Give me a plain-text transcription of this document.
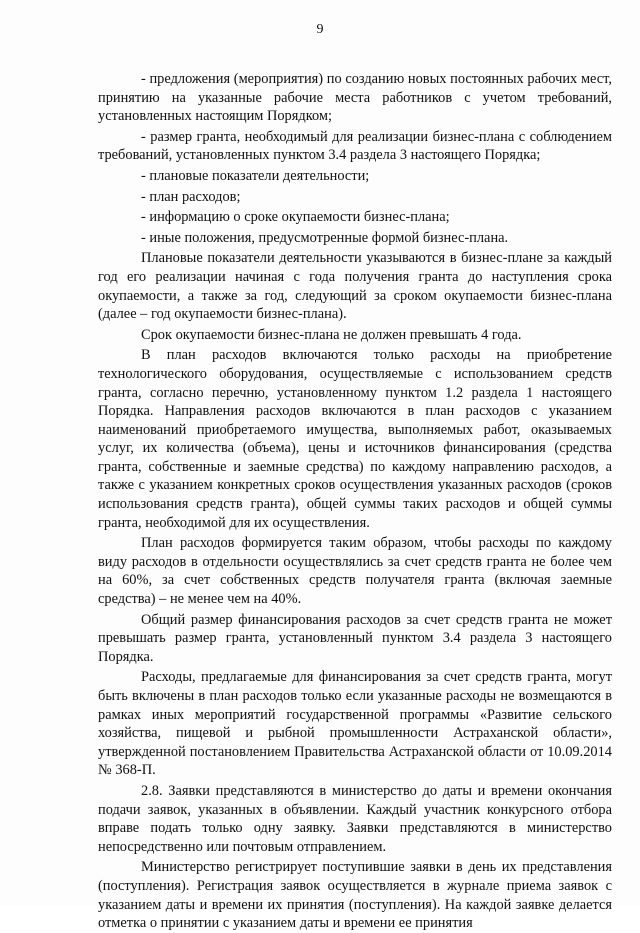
9

- предложения (мероприятия) по созданию новых постоянных рабочих мест, принятию на указанные рабочие места работников с учетом требований, установленных настоящим Порядком;

- размер гранта, необходимый для реализации бизнес-плана с соблюдением требований, установленных пунктом 3.4 раздела 3 настоящего Порядка;

- плановые показатели деятельности;

- план расходов;

- информацию о сроке окупаемости бизнес-плана;

- иные положения, предусмотренные формой бизнес-плана.

Плановые показатели деятельности указываются в бизнес-плане за каждый год его реализации начиная с года получения гранта до наступления срока окупаемости, а также за год, следующий за сроком окупаемости бизнес-плана (далее – год окупаемости бизнес-плана).

Срок окупаемости бизнес-плана не должен превышать 4 года.

В план расходов включаются только расходы на приобретение технологического оборудования, осуществляемые с использованием средств гранта, согласно перечню, установленному пунктом 1.2 раздела 1 настоящего Порядка. Направления расходов включаются в план расходов с указанием наименований приобретаемого имущества, выполняемых работ, оказываемых услуг, их количества (объема), цены и источников финансирования (средства гранта, собственные и заемные средства) по каждому направлению расходов, а также с указанием конкретных сроков осуществления указанных расходов (сроков использования средств гранта), общей суммы таких расходов и общей суммы гранта, необходимой для их осуществления.

План расходов формируется таким образом, чтобы расходы по каждому виду расходов в отдельности осуществлялись за счет средств гранта не более чем на 60%, за счет собственных средств получателя гранта (включая заемные средства) – не менее чем на 40%.

Общий размер финансирования расходов за счет средств гранта не может превышать размер гранта, установленный пунктом 3.4 раздела 3 настоящего Порядка.

Расходы, предлагаемые для финансирования за счет средств гранта, могут быть включены в план расходов только если указанные расходы не возмещаются в рамках иных мероприятий государственной программы «Развитие сельского хозяйства, пищевой и рыбной промышленности Астраханской области», утвержденной постановлением Правительства Астраханской области от 10.09.2014 № 368-П.

2.8. Заявки представляются в министерство до даты и времени окончания подачи заявок, указанных в объявлении. Каждый участник конкурсного отбора вправе подать только одну заявку. Заявки представляются в министерство непосредственно или почтовым отправлением.

Министерство регистрирует поступившие заявки в день их представления (поступления). Регистрация заявок осуществляется в журнале приема заявок с указанием даты и времени их принятия (поступления). На каждой заявке делается отметка о принятии с указанием даты и времени ее принятия
